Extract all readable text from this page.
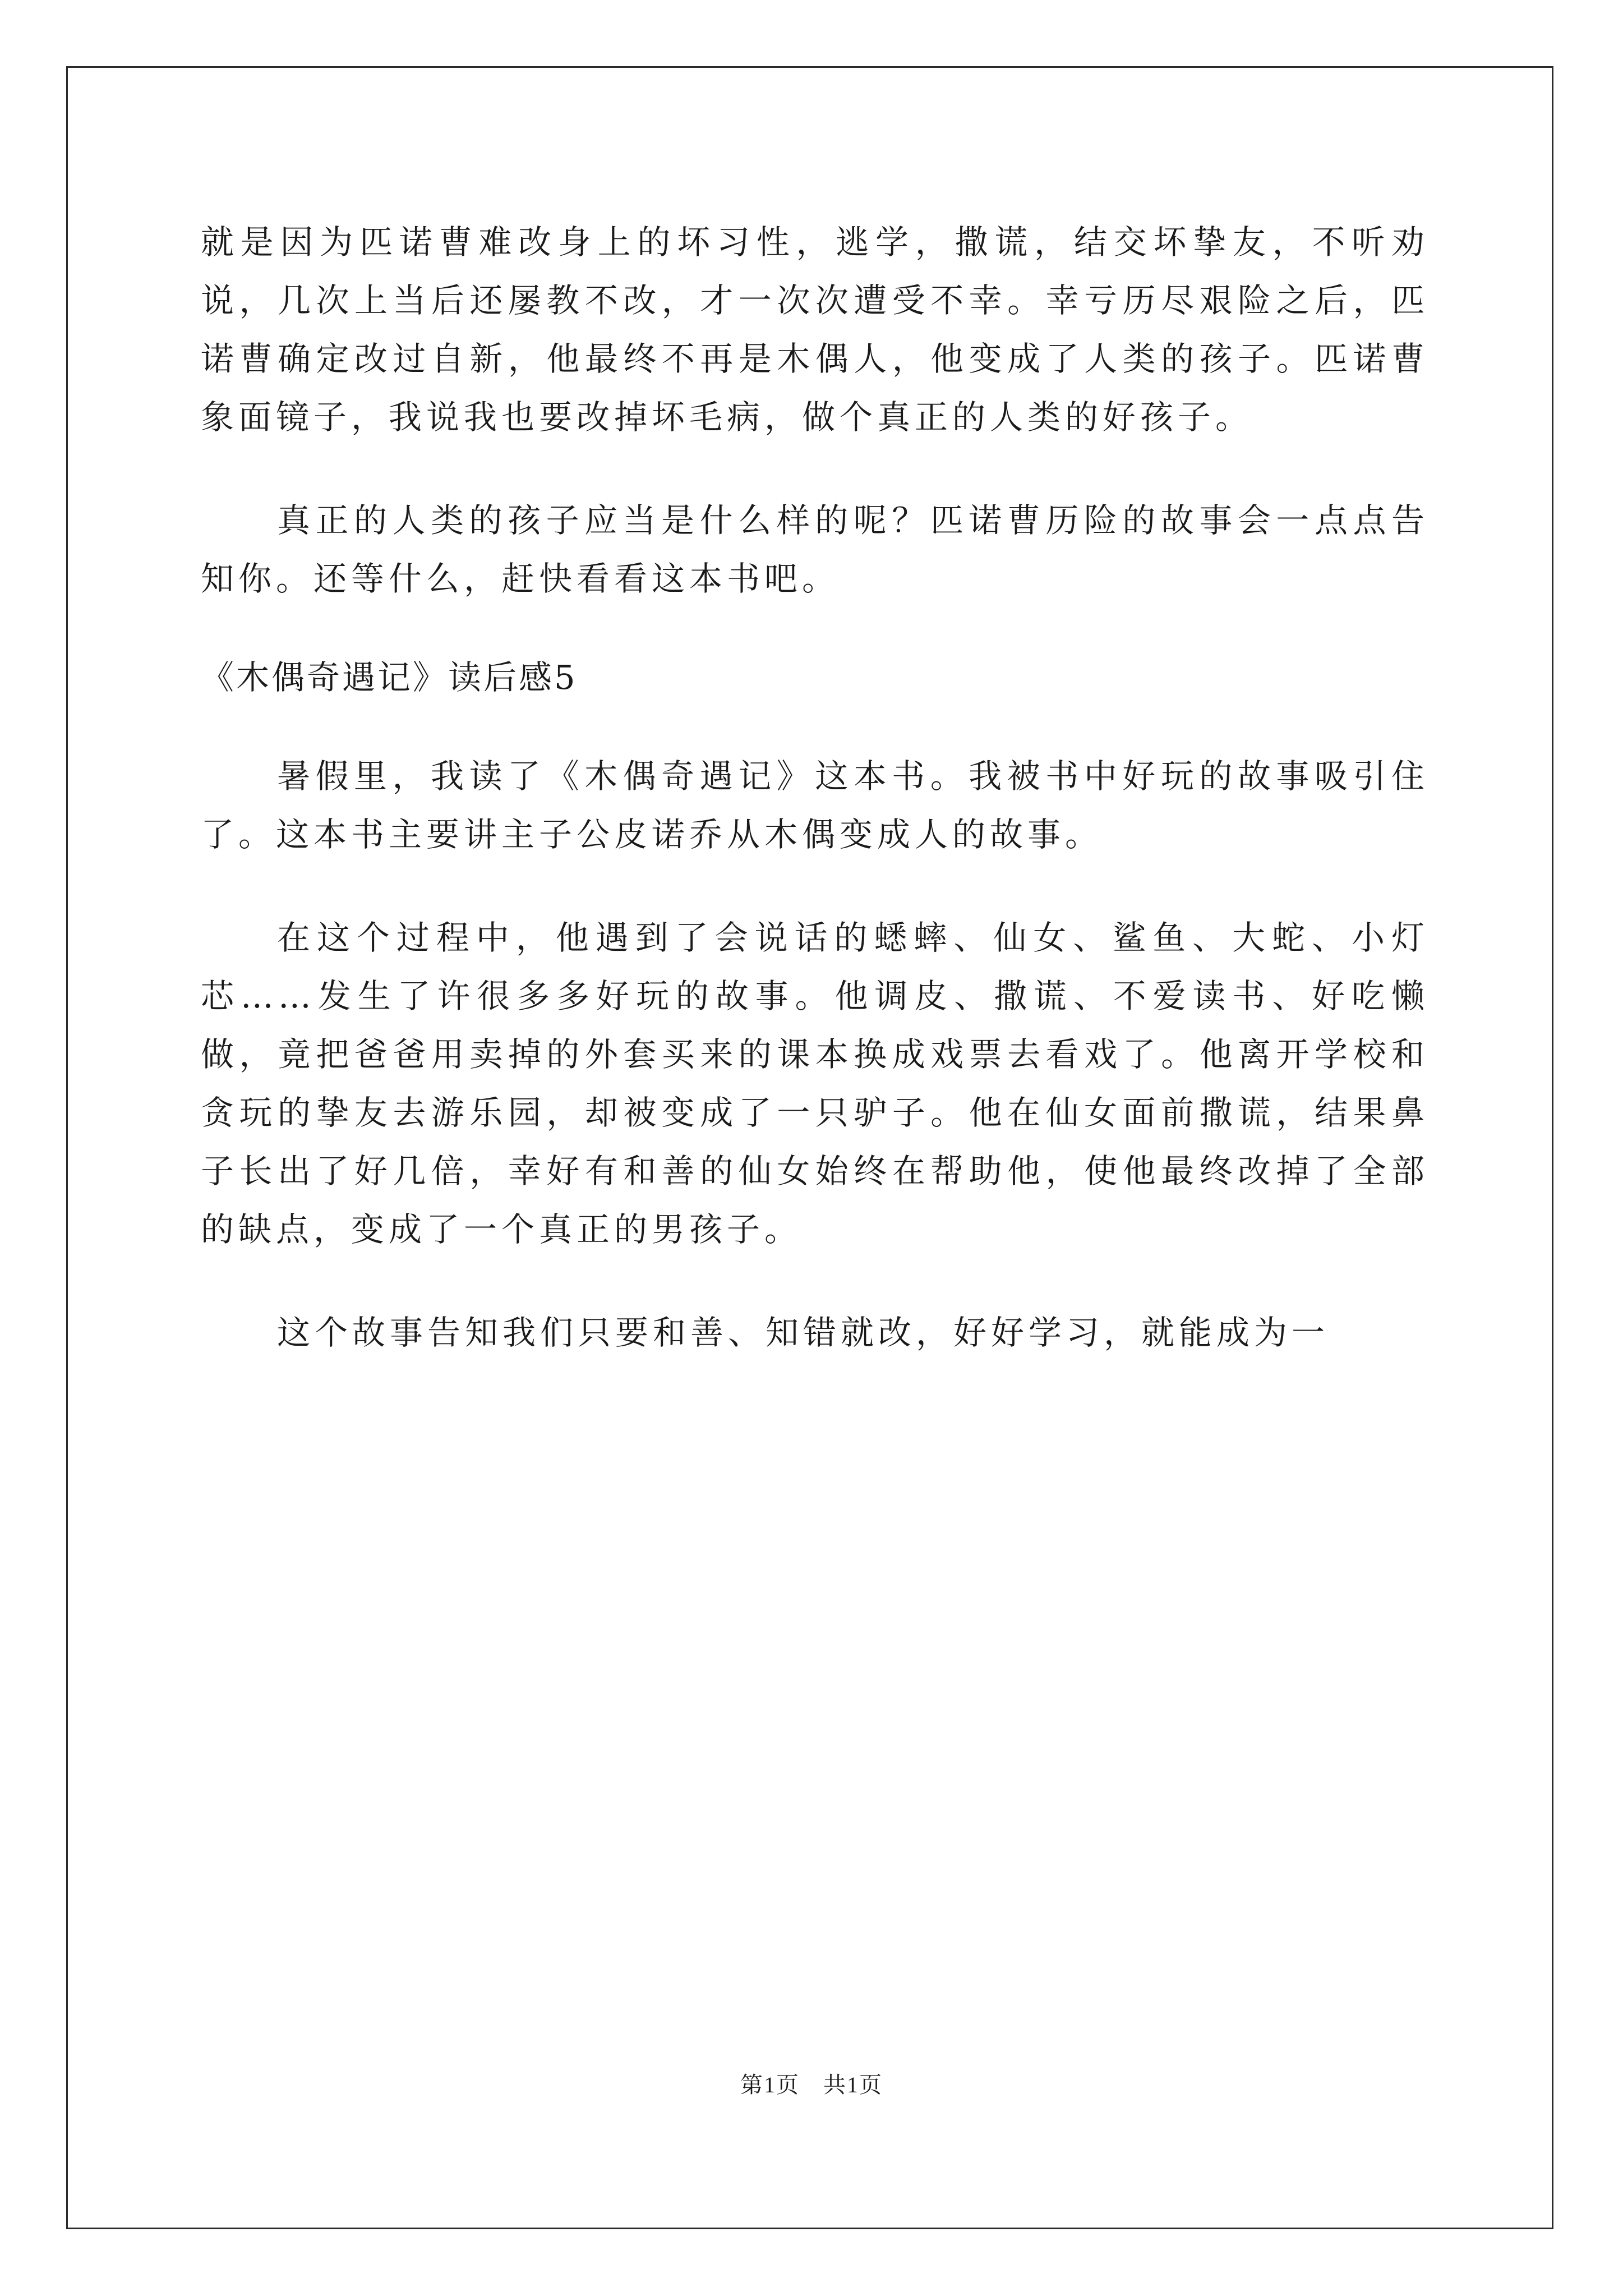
就是因为匹诺曹难改身上的坏习性，逃学，撒谎，结交坏挚友，不听劝说，几次上当后还屡教不改，才一次次遭受不幸。幸亏历尽艰险之后，匹诺曹确定改过自新，他最终不再是木偶人，他变成了人类的孩子。匹诺曹象面镜子，我说我也要改掉坏毛病，做个真正的人类的好孩子。

真正的人类的孩子应当是什么样的呢？匹诺曹历险的故事会一点点告知你。还等什么，赶快看看这本书吧。

《木偶奇遇记》读后感5

暑假里，我读了《木偶奇遇记》这本书。我被书中好玩的故事吸引住了。这本书主要讲主子公皮诺乔从木偶变成人的故事。

在这个过程中，他遇到了会说话的蟋蟀、仙女、鲨鱼、大蛇、小灯芯……发生了许很多多好玩的故事。他调皮、撒谎、不爱读书、好吃懒做，竟把爸爸用卖掉的外套买来的课本换成戏票去看戏了。他离开学校和贪玩的挚友去游乐园，却被变成了一只驴子。他在仙女面前撒谎，结果鼻子长出了好几倍，幸好有和善的仙女始终在帮助他，使他最终改掉了全部的缺点，变成了一个真正的男孩子。

这个故事告知我们只要和善、知错就改，好好学习，就能成为一

第1页　共1页
